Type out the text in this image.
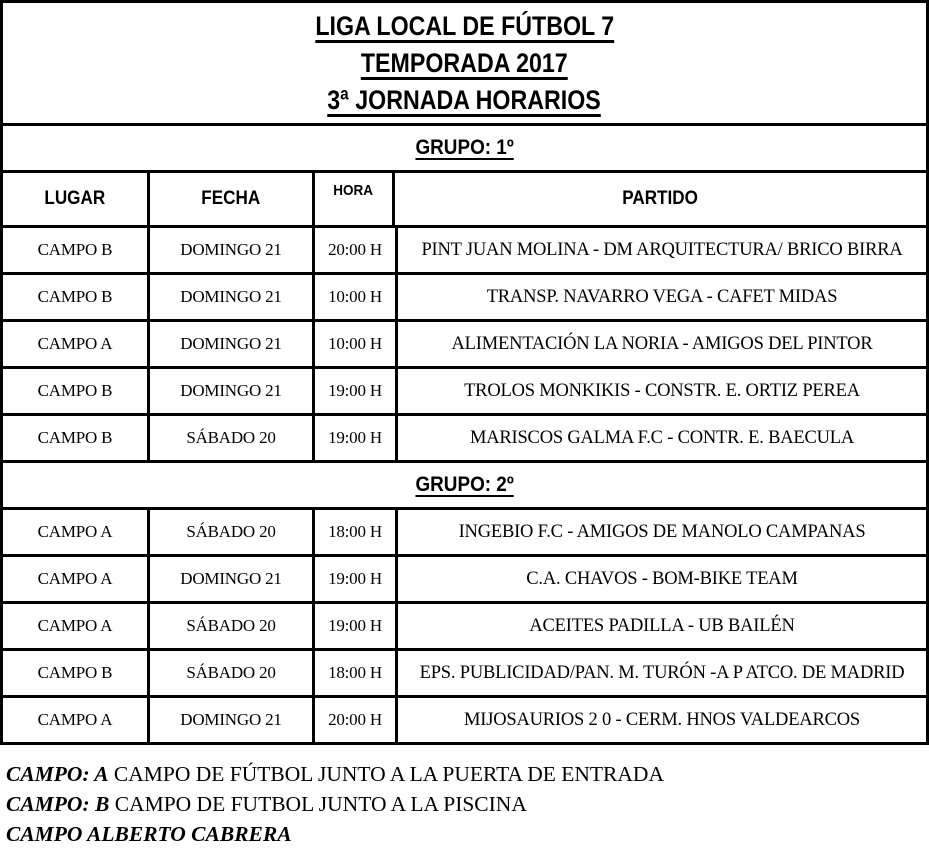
LIGA LOCAL DE FÚTBOL 7
TEMPORADA 2017
3ª JORNADA HORARIOS
GRUPO: 1º
LUGAR	FECHA	HORA	PARTIDO
CAMPO B	DOMINGO 21	20:00 H	PINT JUAN MOLINA - DM ARQUITECTURA/ BRICO BIRRA
CAMPO B	DOMINGO 21	10:00 H	TRANSP. NAVARRO VEGA - CAFET MIDAS
CAMPO A	DOMINGO 21	10:00 H	ALIMENTACIÓN LA NORIA - AMIGOS DEL PINTOR
CAMPO B	DOMINGO 21	19:00 H	TROLOS MONKIKIS - CONSTR. E. ORTIZ PEREA
CAMPO B	SÁBADO 20	19:00 H	MARISCOS GALMA F.C - CONTR. E. BAECULA
GRUPO: 2º
CAMPO A	SÁBADO 20	18:00 H	INGEBIO F.C - AMIGOS DE MANOLO CAMPANAS
CAMPO A	DOMINGO 21	19:00 H	C.A. CHAVOS - BOM-BIKE TEAM
CAMPO A	SÁBADO 20	19:00 H	ACEITES PADILLA - UB BAILÉN
CAMPO B	SÁBADO 20	18:00 H	EPS. PUBLICIDAD/PAN. M. TURÓN -A P ATCO. DE MADRID
CAMPO A	DOMINGO 21	20:00 H	MIJOSAURIOS 2 0 - CERM. HNOS VALDEARCOS
CAMPO: A CAMPO DE FÚTBOL JUNTO A LA PUERTA DE ENTRADA
CAMPO: B CAMPO DE FUTBOL JUNTO A LA PISCINA
CAMPO ALBERTO CABRERA
